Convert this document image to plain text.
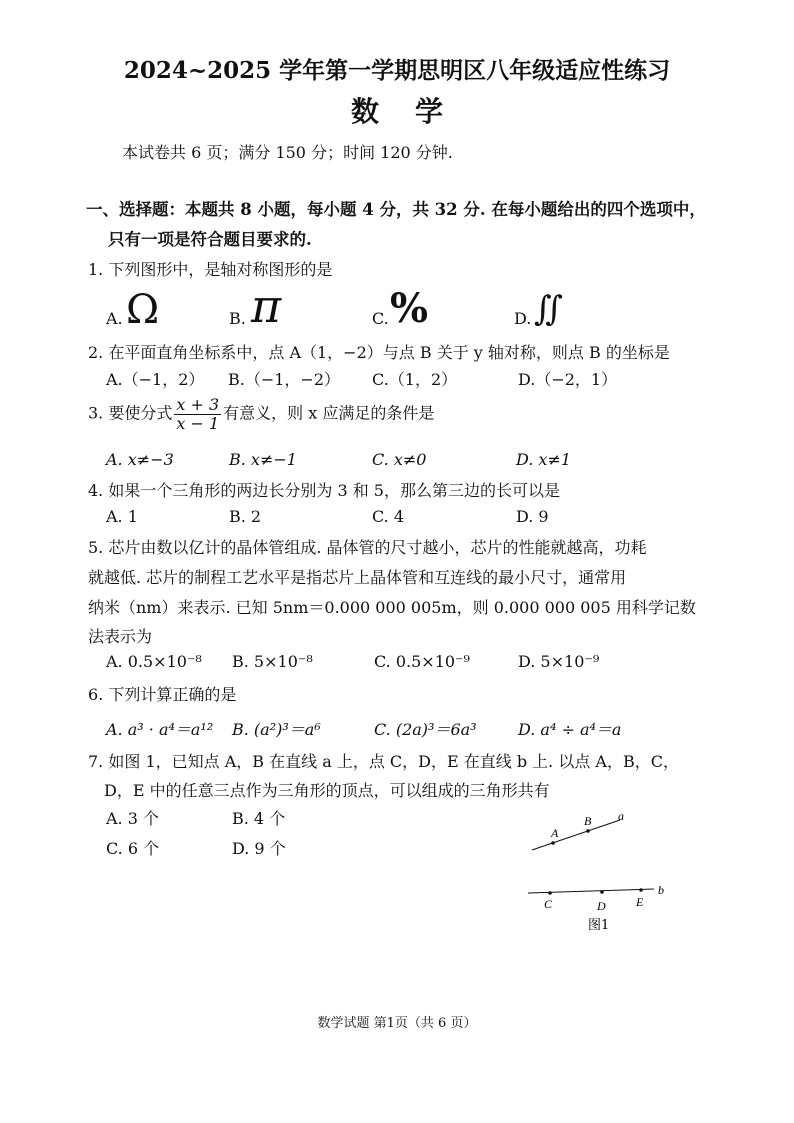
2024~2025 学年第一学期思明区八年级适应性练习
数学
本试卷共 6 页；满分 150 分；时间 120 分钟.
一、选择题：本题共 8 小题，每小题 4 分，共 32 分. 在每小题给出的四个选项中，
只有一项是符合题目要求的.
1. 下列图形中，是轴对称图形的是
A. Ω	B. π	C. %	D. ∬
2. 在平面直角坐标系中，点 A（1，−2）与点 B 关于 y 轴对称，则点 B 的坐标是
A.（−1，2） B.（−1，−2） C.（1，2）	D.（−2，1）
3. 要使分式 $\frac{x + 3}{x - 1}$ 有意义，则 x 应满足的条件是
A. x≠−3	B. x≠−1	C. x≠0	D. x≠1
4. 如果一个三角形的两边长分别为 3 和 5，那么第三边的长可以是
A. 1	B. 2	C. 4	D. 9
5. 芯片由数以亿计的晶体管组成. 晶体管的尺寸越小，芯片的性能就越高，功耗
就越低. 芯片的制程工艺水平是指芯片上晶体管和互连线的最小尺寸，通常用
纳米（nm）来表示. 已知 5nm＝0.000 000 005m，则 0.000 000 005 用科学记数
法表示为
A. 0.5×10⁻⁸ B. 5×10⁻⁸	C. 0.5×10⁻⁹	D. 5×10⁻⁹
6. 下列计算正确的是
A. a³ · a⁴＝a¹² B. (a²)³＝a⁶	C. (2a)³＝6a³	D. a⁴ ÷ a⁴＝a
7. 如图 1，已知点 A，B 在直线 a 上，点 C，D，E 在直线 b 上. 以点 A，B，C，
D，E 中的任意三点作为三角形的顶点，可以组成的三角形共有
A. 3 个	B. 4 个
C. 6 个	D. 9 个
A
B a
C	D	E
b
图1
数学试题 第1页（共 6 页）
